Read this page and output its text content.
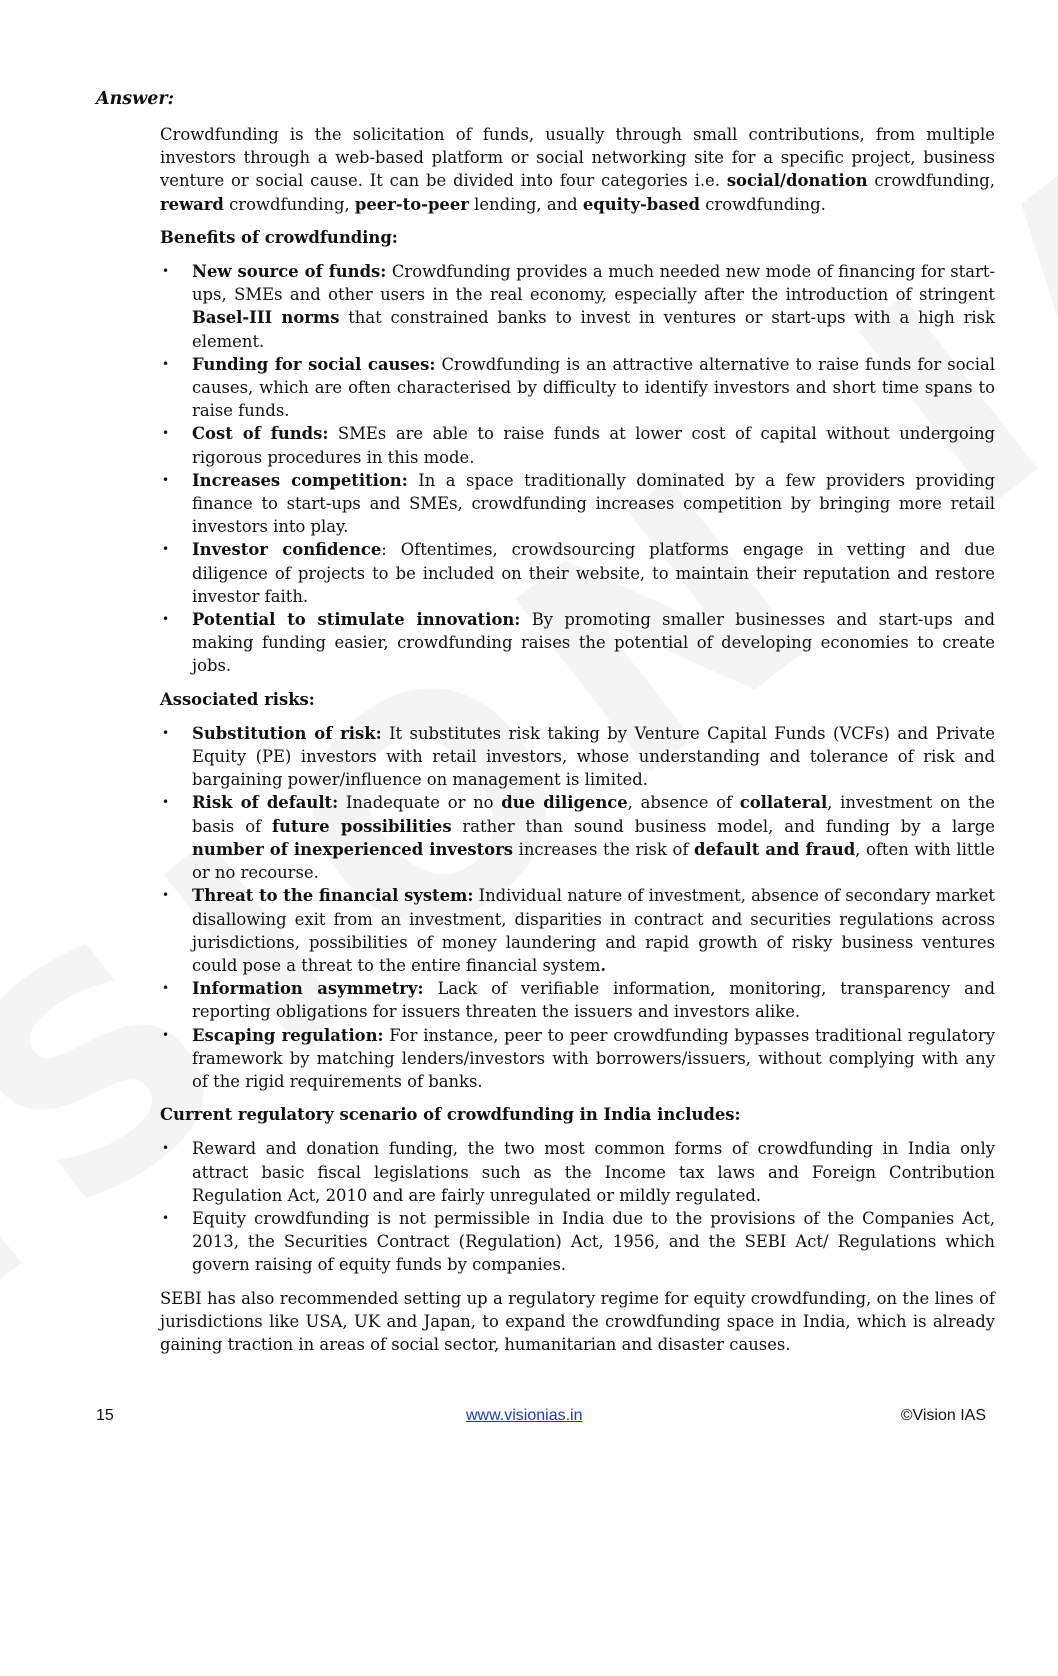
Answer:

Crowdfunding is the solicitation of funds, usually through small contributions, from multiple investors through a web-based platform or social networking site for a specific project, business venture or social cause. It can be divided into four categories i.e. social/donation crowdfunding, reward crowdfunding, peer-to-peer lending, and equity-based crowdfunding.

Benefits of crowdfunding:
• New source of funds: Crowdfunding provides a much needed new mode of financing for start-ups, SMEs and other users in the real economy, especially after the introduction of stringent Basel-III norms that constrained banks to invest in ventures or start-ups with a high risk element.
• Funding for social causes: Crowdfunding is an attractive alternative to raise funds for social causes, which are often characterised by difficulty to identify investors and short time spans to raise funds.
• Cost of funds: SMEs are able to raise funds at lower cost of capital without undergoing rigorous procedures in this mode.
• Increases competition: In a space traditionally dominated by a few providers providing finance to start-ups and SMEs, crowdfunding increases competition by bringing more retail investors into play.
• Investor confidence: Oftentimes, crowdsourcing platforms engage in vetting and due diligence of projects to be included on their website, to maintain their reputation and restore investor faith.
• Potential to stimulate innovation: By promoting smaller businesses and start-ups and making funding easier, crowdfunding raises the potential of developing economies to create jobs.
Associated risks:
• Substitution of risk: It substitutes risk taking by Venture Capital Funds (VCFs) and Private Equity (PE) investors with retail investors, whose understanding and tolerance of risk and bargaining power/influence on management is limited.
• Risk of default: Inadequate or no due diligence, absence of collateral, investment on the basis of future possibilities rather than sound business model, and funding by a large number of inexperienced investors increases the risk of default and fraud, often with little or no recourse.
• Threat to the financial system: Individual nature of investment, absence of secondary market disallowing exit from an investment, disparities in contract and securities regulations across jurisdictions, possibilities of money laundering and rapid growth of risky business ventures could pose a threat to the entire financial system.
• Information asymmetry: Lack of verifiable information, monitoring, transparency and reporting obligations for issuers threaten the issuers and investors alike.
• Escaping regulation: For instance, peer to peer crowdfunding bypasses traditional regulatory framework by matching lenders/investors with borrowers/issuers, without complying with any of the rigid requirements of banks.
Current regulatory scenario of crowdfunding in India includes:
• Reward and donation funding, the two most common forms of crowdfunding in India only attract basic fiscal legislations such as the Income tax laws and Foreign Contribution Regulation Act, 2010 and are fairly unregulated or mildly regulated.
• Equity crowdfunding is not permissible in India due to the provisions of the Companies Act, 2013, the Securities Contract (Regulation) Act, 1956, and the SEBI Act/ Regulations which govern raising of equity funds by companies.

SEBI has also recommended setting up a regulatory regime for equity crowdfunding, on the lines of jurisdictions like USA, UK and Japan, to expand the crowdfunding space in India, which is already gaining traction in areas of social sector, humanitarian and disaster causes.

15	www.visionias.in	©Vision IAS
